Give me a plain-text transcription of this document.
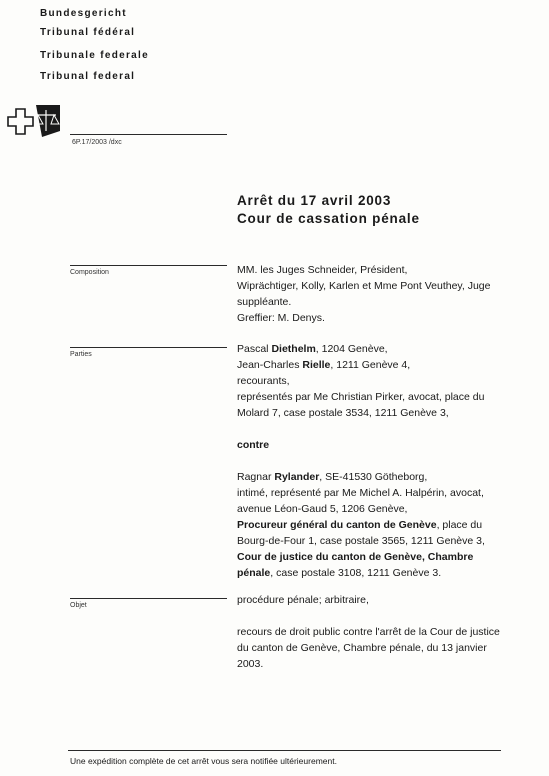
Bundesgericht
Tribunal fédéral
Tribunale federale
Tribunal federal
6P.17/2003 /dxc
Arrêt du 17 avril 2003
Cour de cassation pénale
Composition	MM. les Juges Schneider, Président,

Wiprächtiger, Kolly, Karlen et Mme Pont Veuthey, Juge

suppléante.

Greffier: M. Denys.

Parties	Pascal Diethelm, 1204 Genève,

Jean-Charles Rielle, 1211 Genève 4,

recourants,

représentés par Me Christian Pirker, avocat, place du

Molard 7, case postale 3534, 1211 Genève 3,

contre

Ragnar Rylander, SE-41530 Götheborg,

intimé, représenté par Me Michel A. Halpérin, avocat,

avenue Léon-Gaud 5, 1206 Genève,

Procureur général du canton de Genève, place du

Bourg-de-Four 1, case postale 3565, 1211 Genève 3,

Cour de justice du canton de Genève, Chambre

pénale, case postale 3108, 1211 Genève 3.

Objet	procédure pénale; arbitraire,

recours de droit public contre l'arrêt de la Cour de justice

du canton de Genève, Chambre pénale, du 13 janvier

2003.

Une expédition complète de cet arrêt vous sera notifiée ultérieurement.
